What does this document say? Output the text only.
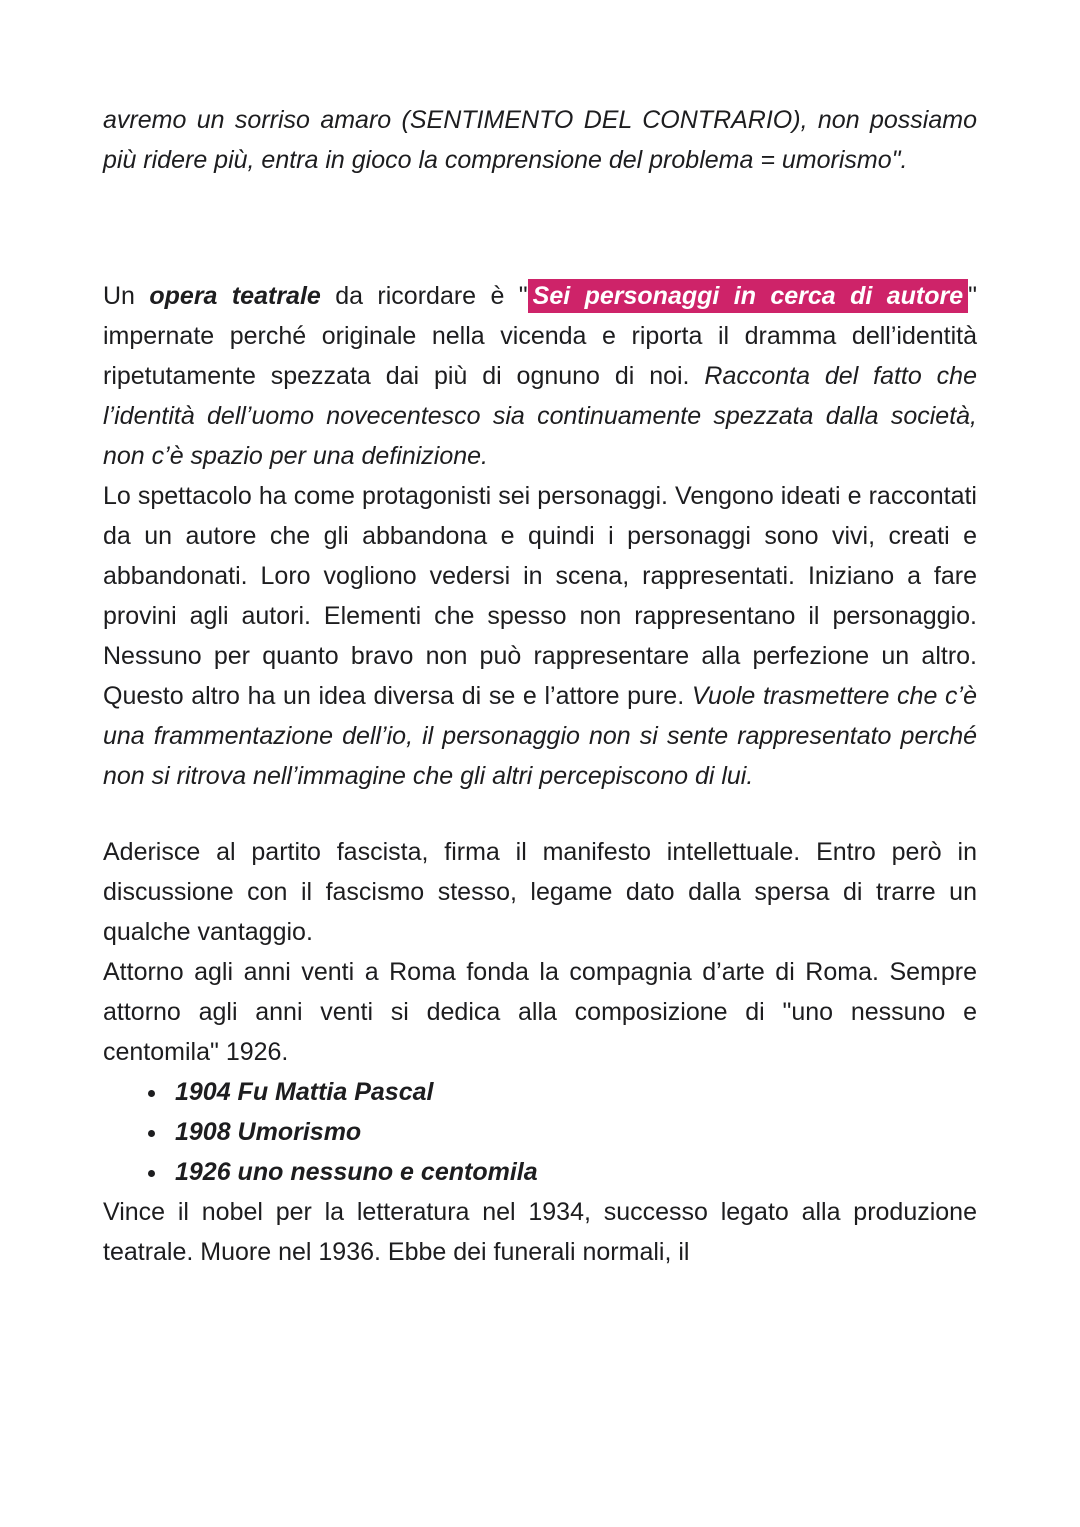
avremo un sorriso amaro (SENTIMENTO DEL CONTRARIO), non possiamo più ridere più, entra in gioco la comprensione del problema = umorismo".

Un opera teatrale da ricordare è " Sei personaggi in cerca di autore " impernate perché originale nella vicenda e riporta il dramma dell’identità ripetutamente spezzata dai più di ognuno di noi. Racconta del fatto che l’identità dell’uomo novecentesco sia continuamente spezzata dalla società, non c’è spazio per una definizione.

Lo spettacolo ha come protagonisti sei personaggi. Vengono ideati e raccontati da un autore che gli abbandona e quindi i personaggi sono vivi, creati e abbandonati. Loro vogliono vedersi in scena, rappresentati. Iniziano a fare provini agli autori. Elementi che spesso non rappresentano il personaggio. Nessuno per quanto bravo non può rappresentare alla perfezione un altro. Questo altro ha un idea diversa di se e l’attore pure. Vuole trasmettere che c’è una frammentazione dell’io, il personaggio non si sente rappresentato perché non si ritrova nell’immagine che gli altri percepiscono di lui.

Aderisce al partito fascista, firma il manifesto intellettuale. Entro però in discussione con il fascismo stesso, legame dato dalla spersa di trarre un qualche vantaggio.

Attorno agli anni venti a Roma fonda la compagnia d’arte di Roma. Sempre attorno agli anni venti si dedica alla composizione di "uno nessuno e centomila" 1926.

• 1904 Fu Mattia Pascal
• 1908 Umorismo
• 1926 uno nessuno e centomila

Vince il nobel per la letteratura nel 1934, successo legato alla produzione teatrale. Muore nel 1936. Ebbe dei funerali normali, il
